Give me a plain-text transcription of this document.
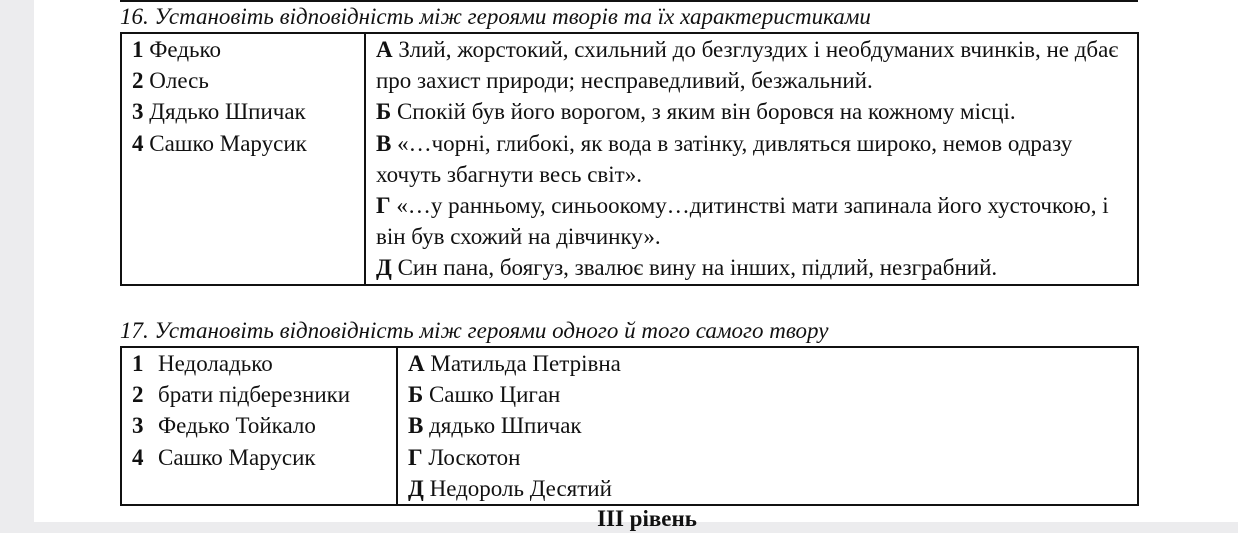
16. Установіть відповідність між героями творів та їх характеристиками
1 Федько
2 Олесь
3 Дядько Шпичак
4 Сашко Марусик

А Злий, жорстокий, схильний до безглуздих і необдуманих вчинків, не дбає про захист природи; несправедливий, безжальний.
Б Спокій був його ворогом, з яким він боровся на кожному місці.
В «…чорні, глибокі, як вода в затінку, дивляться широко, немов одразу хочуть збагнути весь світ».
Г «…у ранньому, синьоокому…дитинстві мати запинала його хусточкою, і він був схожий на дівчинку».
Д Син пана, боягуз, звалює вину на інших, підлий, незграбний.
17. Установіть відповідність між героями одного й того самого твору
1 Недоладько
2 брати підберезники
3 Федько Тойкало
4 Сашко Марусик

А Матильда Петрівна
Б Сашко Циган
В дядько Шпичак
Г Лоскотон
Д Недороль Десятий
ІІІ рівень
